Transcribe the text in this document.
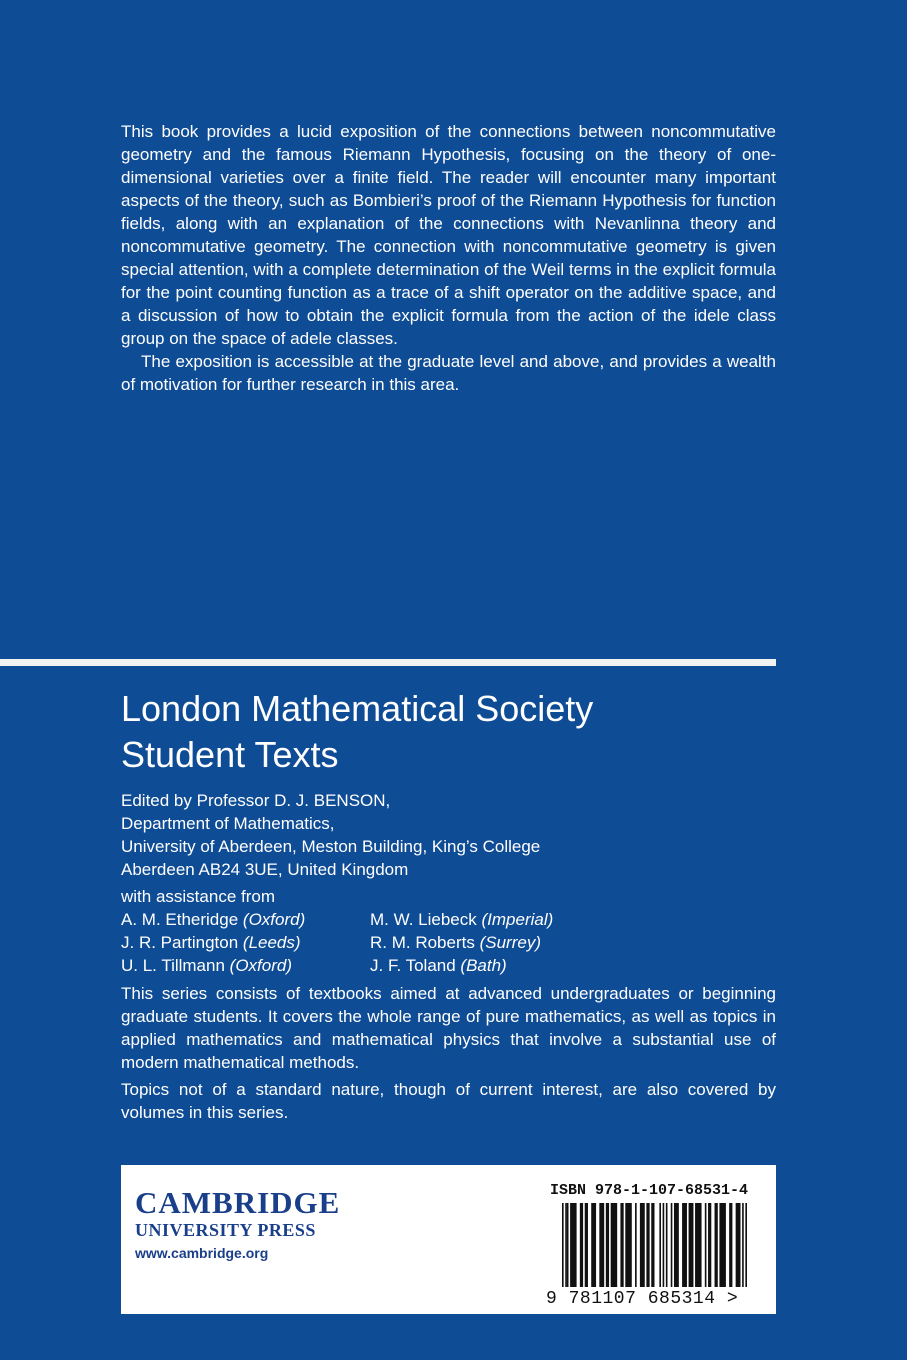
This book provides a lucid exposition of the connections between noncommutative geometry and the famous Riemann Hypothesis, focusing on the theory of one-dimensional varieties over a finite field. The reader will encounter many important aspects of the theory, such as Bombieri’s proof of the Riemann Hypothesis for function fields, along with an explanation of the connections with Nevanlinna theory and noncommutative geometry. The connection with noncommutative geometry is given special attention, with a complete determination of the Weil terms in the explicit formula for the point counting function as a trace of a shift operator on the additive space, and a discussion of how to obtain the explicit formula from the action of the idele class group on the space of adele classes.

The exposition is accessible at the graduate level and above, and provides a wealth of motivation for further research in this area.

London Mathematical Society
Student Texts
Edited by Professor D. J. BENSON,
Department of Mathematics,
University of Aberdeen, Meston Building, King’s College
Aberdeen AB24 3UE, United Kingdom
with assistance from
A. M. Etheridge (Oxford)	M. W. Liebeck (Imperial)
J. R. Partington (Leeds)	R. M. Roberts (Surrey)
U. L. Tillmann (Oxford)	J. F. Toland (Bath)

This series consists of textbooks aimed at advanced undergraduates or beginning graduate students. It covers the whole range of pure mathematics, as well as topics in applied mathematics and mathematical physics that involve a substantial use of modern mathematical methods.

Topics not of a standard nature, though of current interest, are also covered by volumes in this series.

CAMBRIDGE
UNIVERSITY PRESS
www.cambridge.org
ISBN 978-1-107-68531-4
9 781107 685314 >
